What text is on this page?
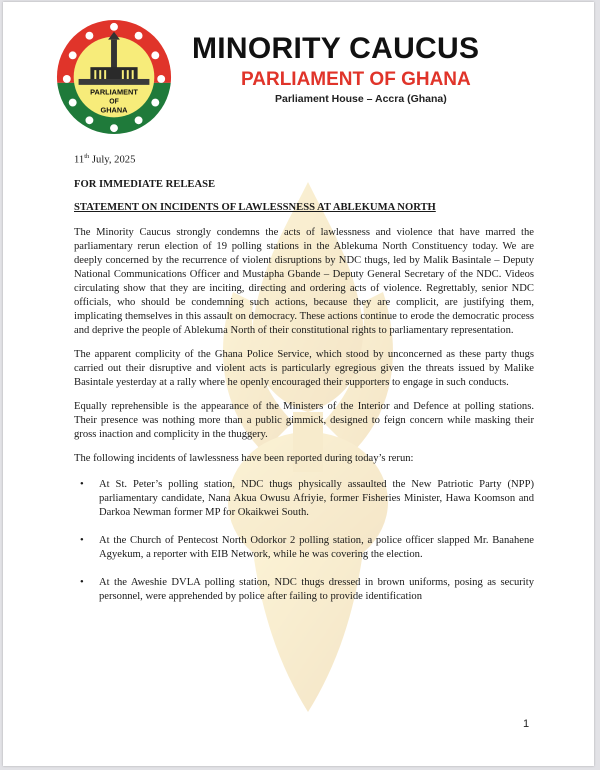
PARLIAMENT
OF
GHANA
MINORITY CAUCUS
PARLIAMENT OF GHANA
Parliament House – Accra (Ghana)
11th July, 2025
FOR IMMEDIATE RELEASE
STATEMENT ON INCIDENTS OF LAWLESSNESS AT ABLEKUMA NORTH

The Minority Caucus strongly condemns the acts of lawlessness and violence that have marred the parliamentary rerun election of 19 polling stations in the Ablekuma North Constituency today. We are deeply concerned by the recurrence of violent disruptions by NDC thugs, led by Malik Basintale – Deputy National Communications Officer and Mustapha Gbande – Deputy General Secretary of the NDC. Videos circulating show that they are inciting, directing and ordering acts of violence. Regrettably, senior NDC officials, who should be condemning such actions, because they are complicit, are justifying them, implicating themselves in this assault on democracy. These actions continue to erode the democratic process and deprive the people of Ablekuma North of their constitutional rights to parliamentary representation.

The apparent complicity of the Ghana Police Service, which stood by unconcerned as these party thugs carried out their disruptive and violent acts is particularly egregious given the threats issued by Malike Basintale yesterday at a rally where he openly encouraged their supporters to engage in such conducts.

Equally reprehensible is the appearance of the Ministers of the Interior and Defence at polling stations. Their presence was nothing more than a public gimmick, designed to feign concern while masking their gross inaction and complicity in the thuggery.

The following incidents of lawlessness have been reported during today’s rerun:

• At St. Peter’s polling station, NDC thugs physically assaulted the New Patriotic Party (NPP) parliamentary candidate, Nana Akua Owusu Afriyie, former Fisheries Minister, Hawa Koomson and Darkoa Newman former MP for Okaikwei South.
• At the Church of Pentecost North Odorkor 2 polling station, a police officer slapped Mr. Banahene Agyekum, a reporter with EIB Network, while he was covering the election.
• At the Aweshie DVLA polling station, NDC thugs dressed in brown uniforms, posing as security personnel, were apprehended by police after failing to provide identification
1
